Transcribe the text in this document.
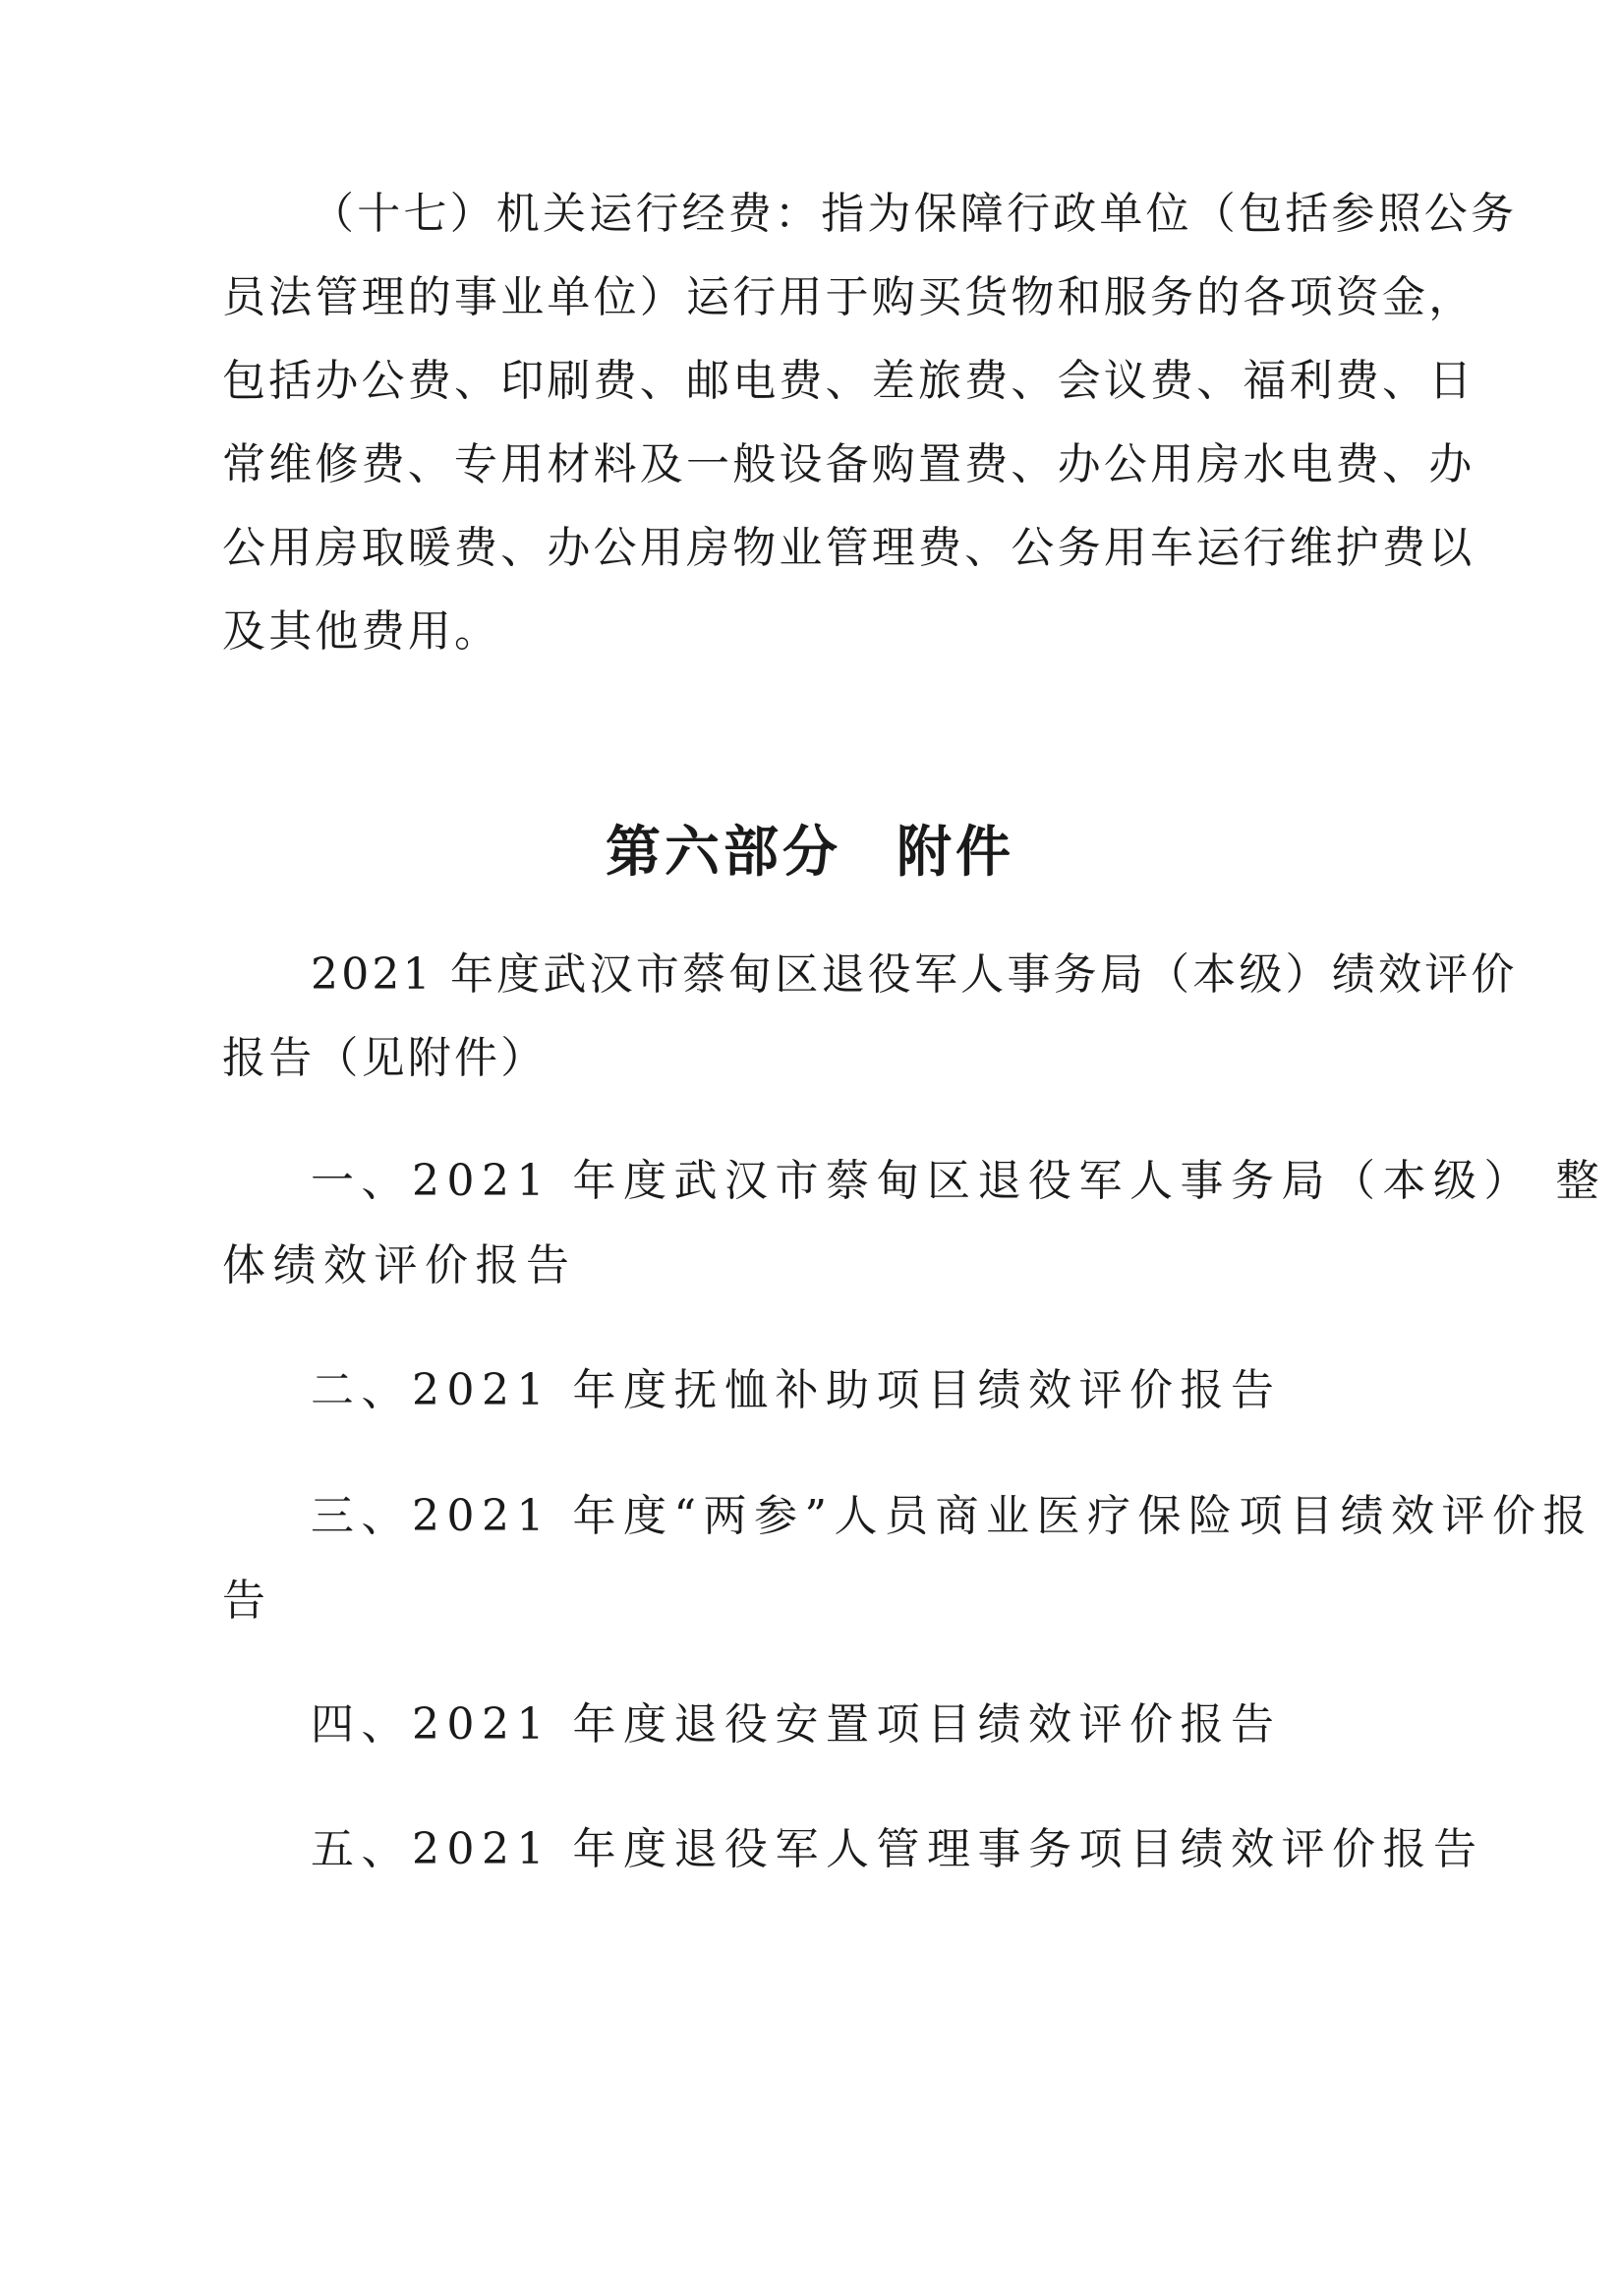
（十七）机关运行经费：指为保障行政单位（包括参照公务
员法管理的事业单位）运行用于购买货物和服务的各项资金，
包括办公费、印刷费、邮电费、差旅费、会议费、福利费、日
常维修费、专用材料及一般设备购置费、办公用房水电费、办
公用房取暖费、办公用房物业管理费、公务用车运行维护费以
及其他费用。
第六部分 附件
2021 年度武汉市蔡甸区退役军人事务局（本级）绩效评价
报告（见附件）
一、2021 年度武汉市蔡甸区退役军人事务局（本级） 整
体绩效评价报告
二、2021 年度抚恤补助项目绩效评价报告
三、2021 年度“两参”人员商业医疗保险项目绩效评价报
告
四、2021 年度退役安置项目绩效评价报告
五、2021 年度退役军人管理事务项目绩效评价报告
